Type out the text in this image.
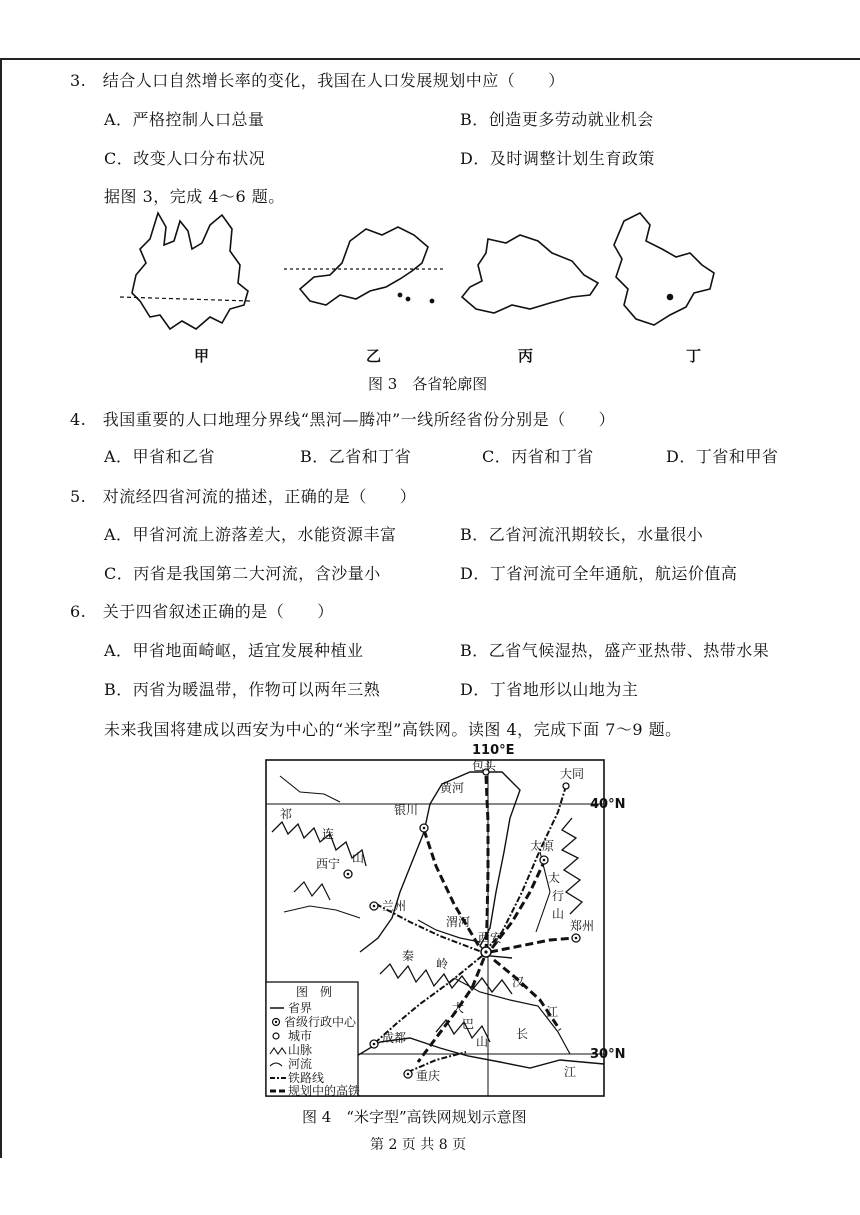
3.　结合人口自然增长率的变化，我国在人口发展规划中应（　　）
A．严格控制人口总量	B．创造更多劳动就业机会
C．改变人口分布状况	D．及时调整计划生育政策
据图 3，完成 4～6 题。
甲	乙	丙	丁
图 3　各省轮廓图
4.　我国重要的人口地理分界线“黑河—腾冲”一线所经省份分别是（　　）
A．甲省和乙省	B．乙省和丁省	C．丙省和丁省	D．丁省和甲省
5.　对流经四省河流的描述，正确的是（　　）
A．甲省河流上游落差大，水能资源丰富	B．乙省河流汛期较长，水量很小
C．丙省是我国第二大河流，含沙量小	D．丁省河流可全年通航，航运价值高
6.　关于四省叙述正确的是（　　）
A．甲省地面崎岖，适宜发展种植业	B．乙省气候湿热，盛产亚热带、热带水果
B．丙省为暖温带，作物可以两年三熟	D．丁省地形以山地为主
未来我国将建成以西安为中心的“米字型”高铁网。读图 4，完成下面 7～9 题。
110°E
40°N
30°N
包头
大同
银川
太原
西宁
兰州
西安
郑州
成都
重庆
黄河
祁
连
山
太
行
山
渭河
秦
岭
汉
江
长
江
大
巴
山
图　例
省界
省级行政中心
城市
山脉
河流
铁路线
规划中的高铁
图 4　“米字型”高铁网规划示意图
第 2 页 共 8 页
